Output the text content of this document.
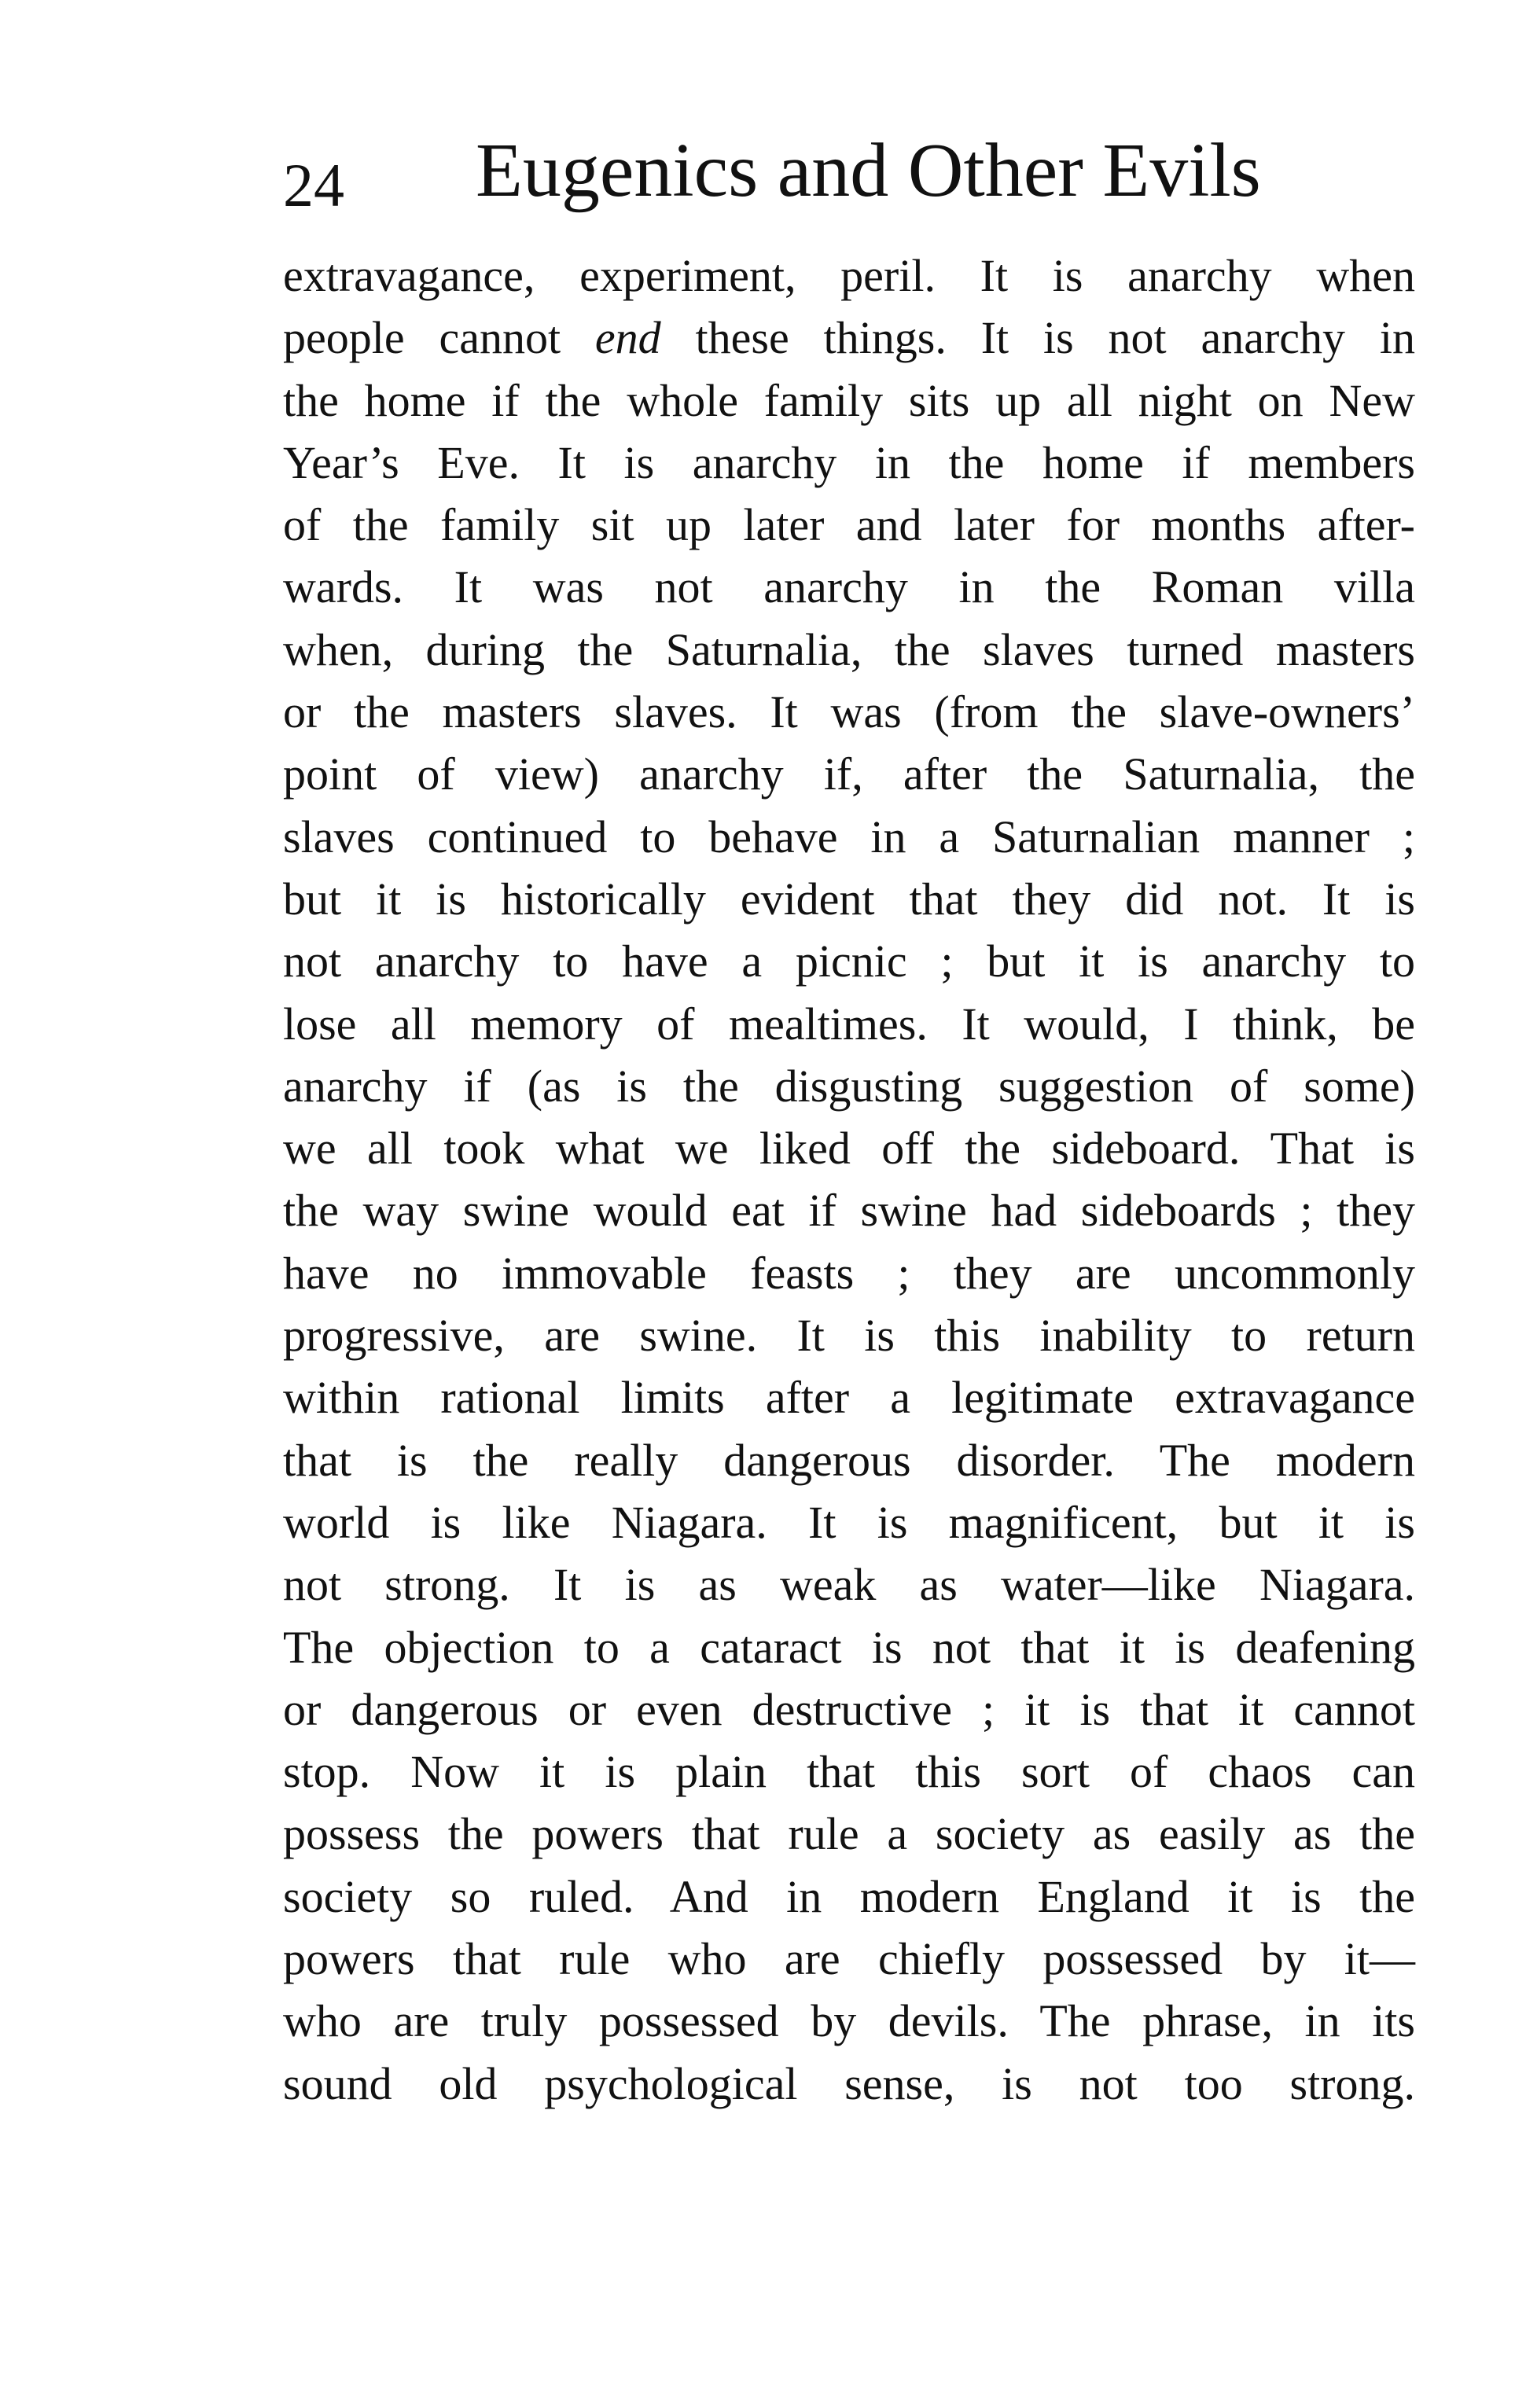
24 Eugenics and Other Evils
extravagance, experiment, peril. It is anarchy when
people cannot end these things. It is not anarchy in
the home if the whole family sits up all night on New
Year’s Eve. It is anarchy in the home if members
of the family sit up later and later for months after-
wards. It was not anarchy in the Roman villa
when, during the Saturnalia, the slaves turned masters
or the masters slaves. It was (from the slave-owners’
point of view) anarchy if, after the Saturnalia, the
slaves continued to behave in a Saturnalian manner ;
but it is historically evident that they did not. It is
not anarchy to have a picnic ; but it is anarchy to
lose all memory of mealtimes. It would, I think, be
anarchy if (as is the disgusting suggestion of some)
we all took what we liked off the sideboard. That is
the way swine would eat if swine had sideboards ; they
have no immovable feasts ; they are uncommonly
progressive, are swine. It is this inability to return
within rational limits after a legitimate extravagance
that is the really dangerous disorder. The modern
world is like Niagara. It is magnificent, but it is
not strong. It is as weak as water—like Niagara.
The objection to a cataract is not that it is deafening
or dangerous or even destructive ; it is that it cannot
stop. Now it is plain that this sort of chaos can
possess the powers that rule a society as easily as the
society so ruled. And in modern England it is the
powers that rule who are chiefly possessed by it—
who are truly possessed by devils. The phrase, in its
sound old psychological sense, is not too strong.
